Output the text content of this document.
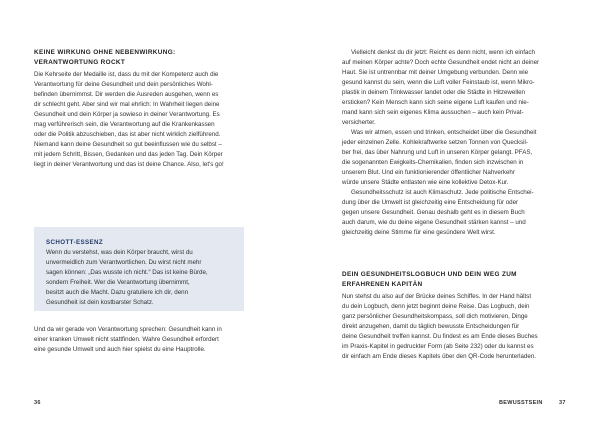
KEINE WIRKUNG OHNE NEBENWIRKUNG:
VERANTWORTUNG ROCKT
Die Kehrseite der Medaille ist, dass du mit der Kompetenz auch die
Verantwortung für deine Gesundheit und dein persönliches Wohl-
befinden übernimmst. Dir werden die Ausreden ausgehen, wenn es
dir schlecht geht. Aber sind wir mal ehrlich: In Wahrheit liegen deine
Gesundheit und dein Körper ja sowieso in deiner Verantwortung. Es
mag verführerisch sein, die Verantwortung auf die Krankenkassen
oder die Politik abzuschieben, das ist aber nicht wirklich zielführend.
Niemand kann deine Gesundheit so gut beeinflussen wie du selbst –
mit jedem Schritt, Bissen, Gedanken und das jeden Tag. Dein Körper
liegt in deiner Verantwortung und das ist deine Chance. Also, let's go!
SCHOTT-ESSENZ
Wenn du verstehst, was dein Körper braucht, wirst du
unvermeidlich zum Verantwortlichen. Du wirst nicht mehr
sagen können: „Das wusste ich nicht.“ Das ist keine Bürde,
sondern Freiheit. Wer die Verantwortung übernimmt,
besitzt auch die Macht. Dazu gratuliere ich dir, denn
Gesundheit ist dein kostbarster Schatz.
Und da wir gerade von Verantwortung sprechen: Gesundheit kann in
einer kranken Umwelt nicht stattfinden. Wahre Gesundheit erfordert
eine gesunde Umwelt und auch hier spielst du eine Hauptrolle.
36
Vielleicht denkst du dir jetzt: Reicht es denn nicht, wenn ich einfach
auf meinen Körper achte? Doch echte Gesundheit endet nicht an deiner
Haut. Sie ist untrennbar mit deiner Umgebung verbunden. Denn wie
gesund kannst du sein, wenn die Luft voller Feinstaub ist, wenn Mikro-
plastik in deinem Trinkwasser landet oder die Städte in Hitzewellen
ersticken? Kein Mensch kann sich seine eigene Luft kaufen und nie-
mand kann sich sein eigenes Klima aussuchen – auch kein Privat-
versicherter.
Was wir atmen, essen und trinken, entscheidet über die Gesundheit
jeder einzelnen Zelle. Kohlekraftwerke setzen Tonnen von Quecksil-
ber frei, das über Nahrung und Luft in unseren Körper gelangt. PFAS,
die sogenannten Ewigkeits-Chemikalien, finden sich inzwischen in
unserem Blut. Und ein funktionierender öffentlicher Nahverkehr
würde unsere Städte entlasten wie eine kollektive Detox-Kur.
Gesundheitsschutz ist auch Klimaschutz. Jede politische Entschei-
dung über die Umwelt ist gleichzeitig eine Entscheidung für oder
gegen unsere Gesundheit. Genau deshalb geht es in diesem Buch
auch darum, wie du deine eigene Gesundheit stärken kannst – und
gleichzeitig deine Stimme für eine gesündere Welt wirst.
DEIN GESUNDHEITSLOGBUCH UND DEIN WEG ZUM
ERFAHRENEN KAPITÄN
Nun stehst du also auf der Brücke deines Schiffes. In der Hand hältst
du dein Logbuch, denn jetzt beginnt deine Reise. Das Logbuch, dein
ganz persönlicher Gesundheitskompass, soll dich motivieren, Dinge
direkt anzugehen, damit du täglich bewusste Entscheidungen für
deine Gesundheit treffen kannst. Du findest es am Ende dieses Buches
im Praxis-Kapitel in gedruckter Form (ab Seite 232) oder du kannst es
dir einfach am Ende dieses Kapitels über den QR-Code herunterladen.
BEWUSSTSEIN	37
